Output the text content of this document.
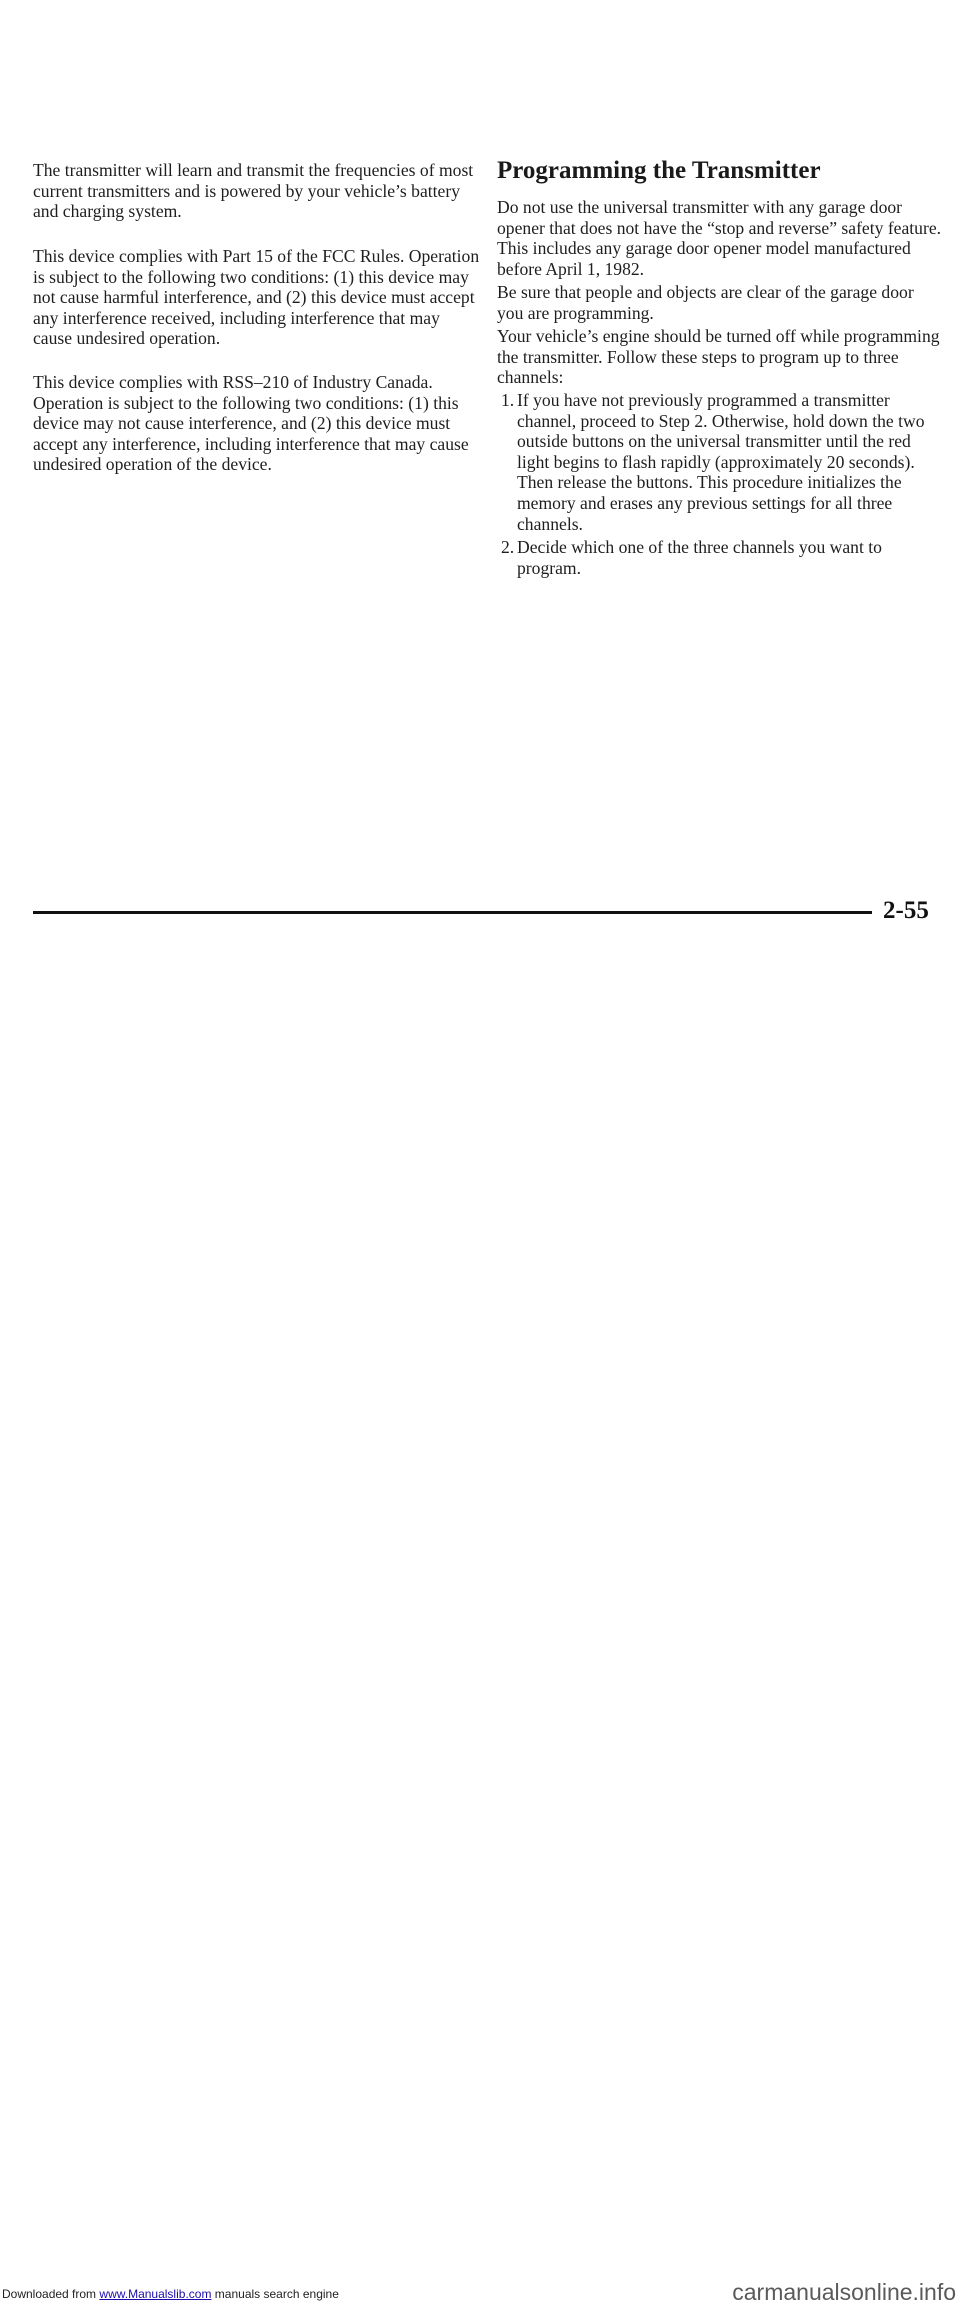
The transmitter will learn and transmit the frequencies of most current transmitters and is powered by your vehicle’s battery and charging system.

This device complies with Part 15 of the FCC Rules. Operation is subject to the following two conditions: (1) this device may not cause harmful interference, and (2) this device must accept any interference received, including interference that may cause undesired operation.

This device complies with RSS–210 of Industry Canada. Operation is subject to the following two conditions: (1) this device may not cause interference, and (2) this device must accept any interference, including interference that may cause undesired operation of the device.

Programming the Transmitter

Do not use the universal transmitter with any garage door opener that does not have the “stop and reverse” safety feature. This includes any garage door opener model manufactured before April 1, 1982.

Be sure that people and objects are clear of the garage door you are programming.

Your vehicle’s engine should be turned off while programming the transmitter. Follow these steps to program up to three channels:

1. If you have not previously programmed a transmitter channel, proceed to Step 2. Otherwise, hold down the two outside buttons on the universal transmitter until the red light begins to flash rapidly (approximately 20 seconds). Then release the buttons. This procedure initializes the memory and erases any previous settings for all three channels.
2. Decide which one of the three channels you want to program.
2-55
Downloaded from www.Manualslib.com manuals search engine	carmanualsonline.info
